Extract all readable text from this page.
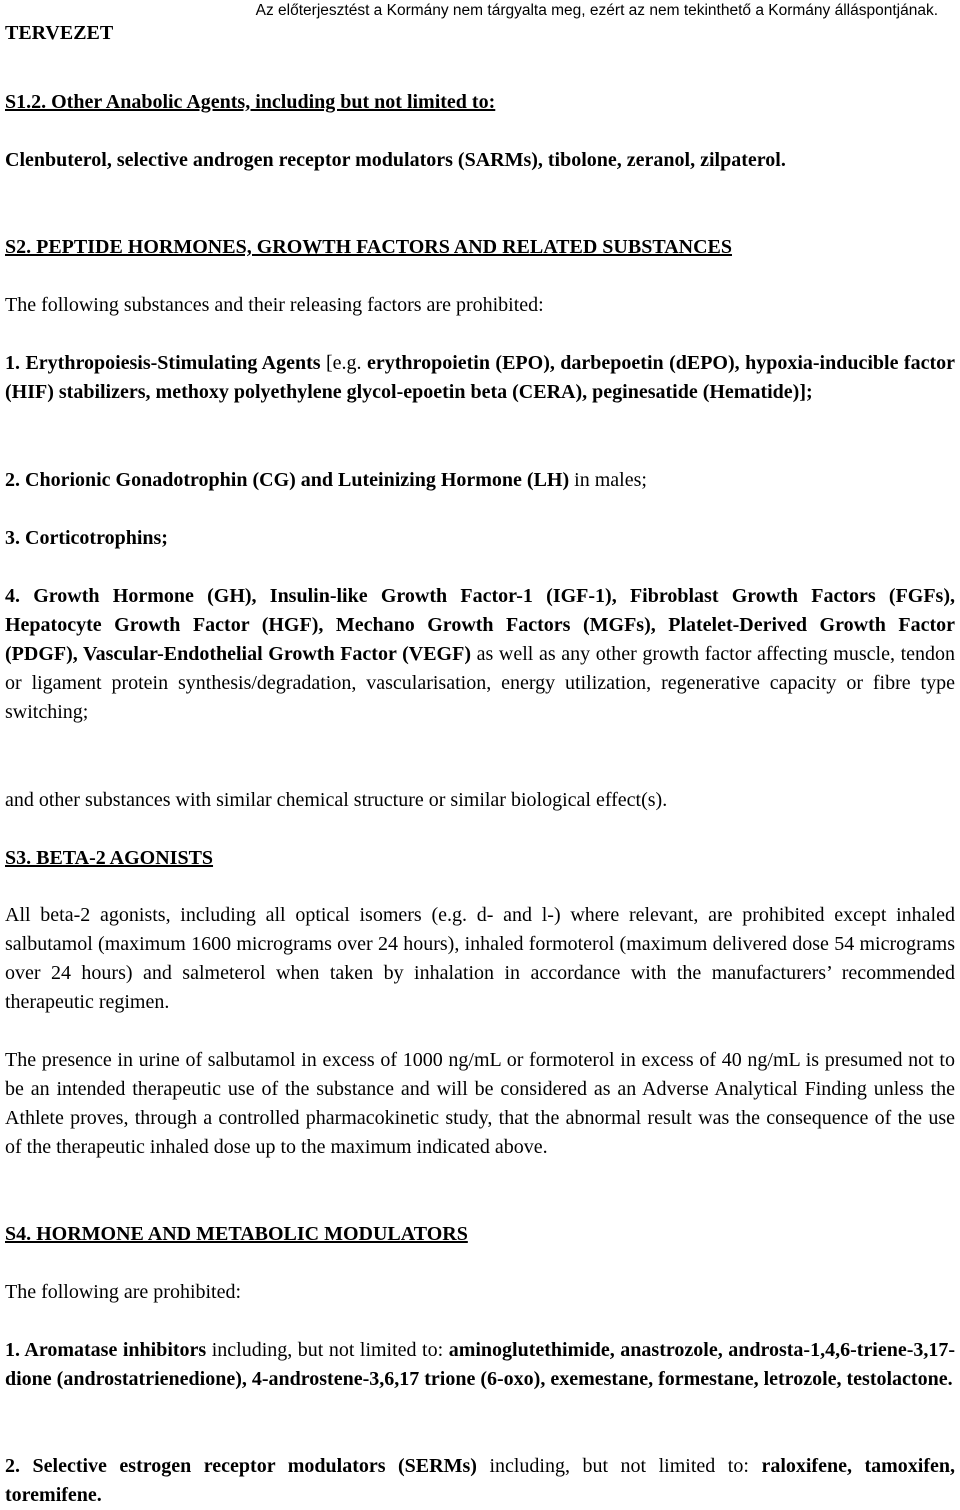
Az előterjesztést a Kormány nem tárgyalta meg, ezért az nem tekinthető a Kormány álláspontjának.
TERVEZET
S1.2. Other Anabolic Agents, including but not limited to:
Clenbuterol, selective androgen receptor modulators (SARMs), tibolone, zeranol, zilpaterol.
S2. PEPTIDE HORMONES, GROWTH FACTORS AND RELATED SUBSTANCES
The following substances and their releasing factors are prohibited:
1. Erythropoiesis-Stimulating Agents [e.g. erythropoietin (EPO), darbepoetin (dEPO), hypoxia-inducible factor (HIF) stabilizers, methoxy polyethylene glycol-epoetin beta (CERA), peginesatide (Hematide)];
2. Chorionic Gonadotrophin (CG) and Luteinizing Hormone (LH) in males;
3. Corticotrophins;
4. Growth Hormone (GH), Insulin-like Growth Factor-1 (IGF-1), Fibroblast Growth Factors (FGFs), Hepatocyte Growth Factor (HGF), Mechano Growth Factors (MGFs), Platelet-Derived Growth Factor (PDGF), Vascular-Endothelial Growth Factor (VEGF) as well as any other growth factor affecting muscle, tendon or ligament protein synthesis/degradation, vascularisation, energy utilization, regenerative capacity or fibre type switching;
and other substances with similar chemical structure or similar biological effect(s).
S3. BETA-2 AGONISTS
All beta-2 agonists, including all optical isomers (e.g. d- and l-) where relevant, are prohibited except inhaled salbutamol (maximum 1600 micrograms over 24 hours), inhaled formoterol (maximum delivered dose 54 micrograms over 24 hours) and salmeterol when taken by inhalation in accordance with the manufacturers’ recommended therapeutic regimen.
The presence in urine of salbutamol in excess of 1000 ng/mL or formoterol in excess of 40 ng/mL is presumed not to be an intended therapeutic use of the substance and will be considered as an Adverse Analytical Finding unless the Athlete proves, through a controlled pharmacokinetic study, that the abnormal result was the consequence of the use of the therapeutic inhaled dose up to the maximum indicated above.
S4. HORMONE AND METABOLIC MODULATORS
The following are prohibited:
1. Aromatase inhibitors including, but not limited to: aminoglutethimide, anastrozole, androsta-1,4,6-triene-3,17-dione (androstatrienedione), 4-androstene-3,6,17 trione (6-oxo), exemestane, formestane, letrozole, testolactone.
2. Selective estrogen receptor modulators (SERMs) including, but not limited to: raloxifene, tamoxifen, toremifene.
